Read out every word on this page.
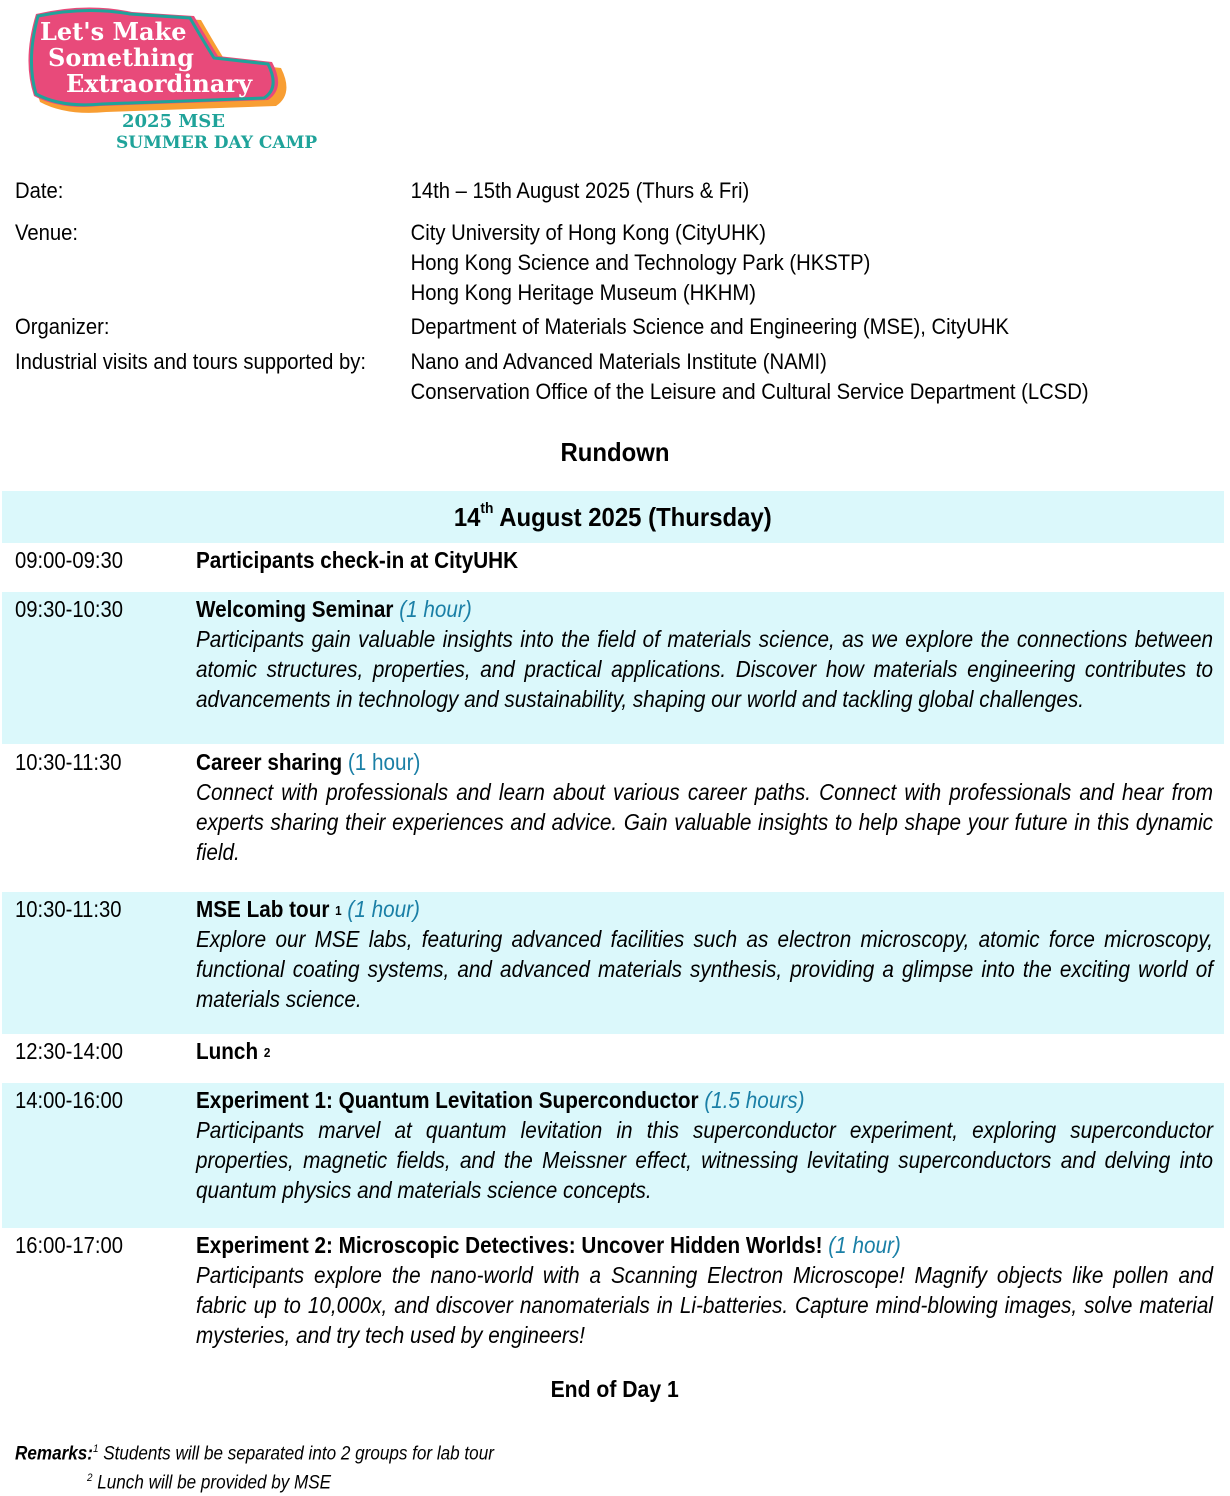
Let's Make
Something
Extraordinary
2025 MSE
SUMMER DAY CAMP
Date:	14th – 15th August 2025 (Thurs & Fri)
Venue:	City University of Hong Kong (CityUHK)
Hong Kong Science and Technology Park (HKSTP)
Hong Kong Heritage Museum (HKHM)
Organizer:	Department of Materials Science and Engineering (MSE), CityUHK
Industrial visits and tours supported by:	Nano and Advanced Materials Institute (NAMI)
Conservation Office of the Leisure and Cultural Service Department (LCSD)
Rundown
14th August 2025 (Thursday)
09:00-09:30	Participants check-in at CityUHK
09:30-10:30	Welcoming Seminar (1 hour)
Participants gain valuable insights into the field of materials science, as we explore the connections between atomic structures, properties, and practical applications. Discover how materials engineering contributes to advancements in technology and sustainability, shaping our world and tackling global challenges.
10:30-11:30	Career sharing (1 hour)
Connect with professionals and learn about various career paths. Connect with professionals and hear from experts sharing their experiences and advice. Gain valuable insights to help shape your future in this dynamic field.
10:30-11:30	MSE Lab tour $^1$ (1 hour)
Explore our MSE labs, featuring advanced facilities such as electron microscopy, atomic force microscopy, functional coating systems, and advanced materials synthesis, providing a glimpse into the exciting world of materials science.
12:30-14:00	Lunch $^2$
14:00-16:00	Experiment 1: Quantum Levitation Superconductor (1.5 hours)
Participants marvel at quantum levitation in this superconductor experiment, exploring superconductor properties, magnetic fields, and the Meissner effect, witnessing levitating superconductors and delving into quantum physics and materials science concepts.
16:00-17:00	Experiment 2: Microscopic Detectives: Uncover Hidden Worlds! (1 hour)
Participants explore the nano-world with a Scanning Electron Microscope! Magnify objects like pollen and fabric up to 10,000x, and discover nanomaterials in Li-batteries. Capture mind-blowing images, solve material mysteries, and try tech used by engineers!
End of Day 1
Remarks:$^1$ Students will be separated into 2 groups for lab tour
$^2$ Lunch will be provided by MSE
